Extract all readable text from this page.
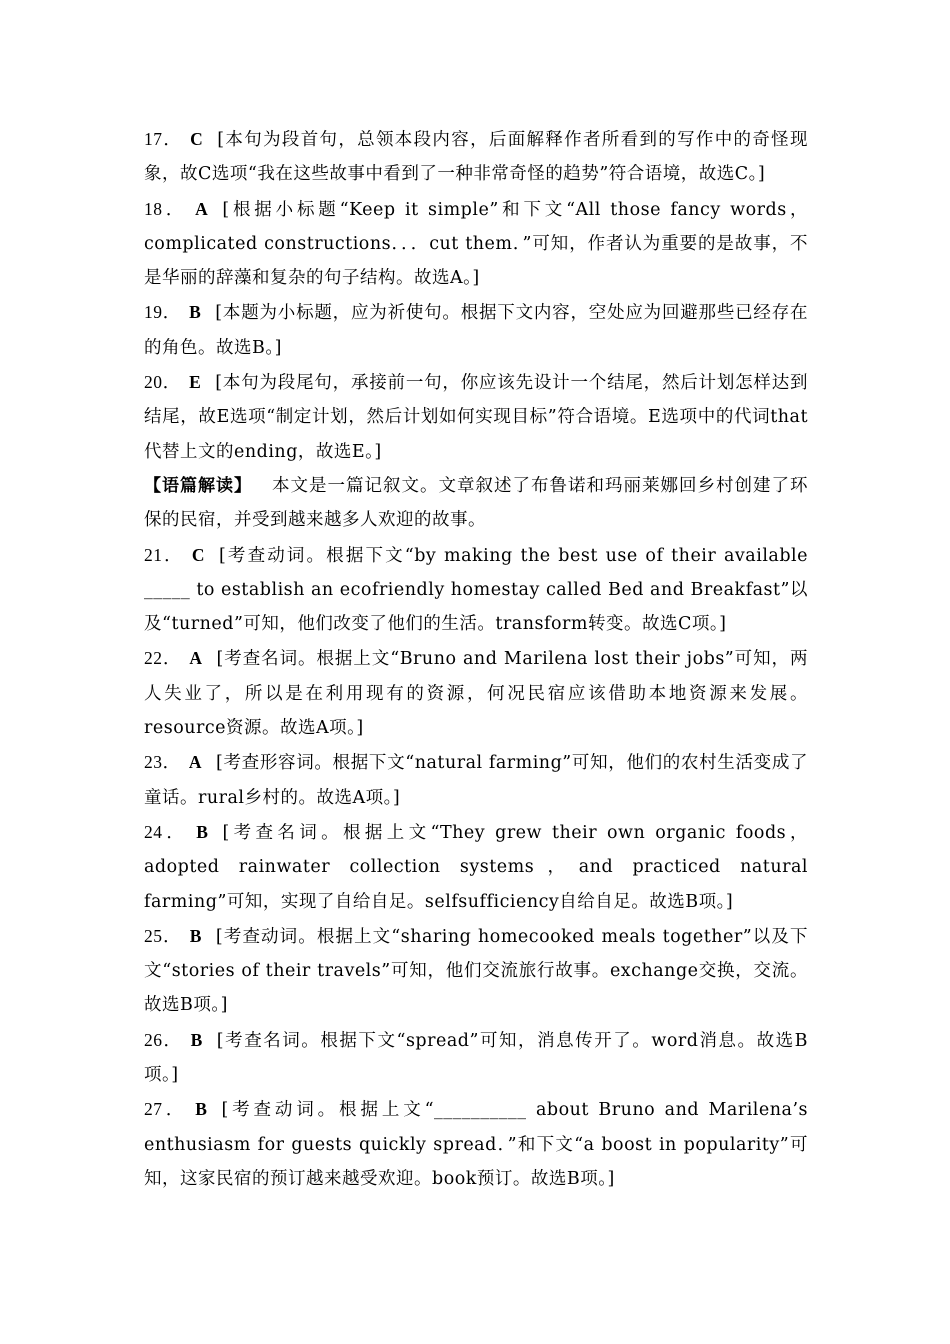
17． C [本句为段首句，总领本段内容，后面解释作者所看到的写作中的奇怪现象，故C选项“我在这些故事中看到了一种非常奇怪的趋势”符合语境，故选C。]

18． A [根据小标题“Keep it simple”和下文“All those fancy words，complicated constructions．．．cut them．”可知，作者认为重要的是故事，不是华丽的辞藻和复杂的句子结构。故选A。]

19． B [本题为小标题，应为祈使句。根据下文内容，空处应为回避那些已经存在的角色。故选B。]

20． E [本句为段尾句，承接前一句，你应该先设计一个结尾，然后计划怎样达到结尾，故E选项“制定计划，然后计划如何实现目标”符合语境。E选项中的代词that代替上文的ending，故选E。]

【语篇解读】 本文是一篇记叙文。文章叙述了布鲁诺和玛丽莱娜回乡村创建了环保的民宿，并受到越来越多人欢迎的故事。

21． C [考查动词。根据下文“by making the best use of their available _____ to establish an ecofriendly homestay called Bed and Breakfast”以及“turned”可知，他们改变了他们的生活。transform转变。故选C项。]

22． A [考查名词。根据上文“Bruno and Marilena lost their jobs”可知，两人失业了，所以是在利用现有的资源，何况民宿应该借助本地资源来发展。resource资源。故选A项。]

23． A [考查形容词。根据下文“natural farming”可知，他们的农村生活变成了童话。rural乡村的。故选A项。]

24． B [考查名词。根据上文“They grew their own organic foods，adopted rainwater collection systems，and practiced natural farming”可知，实现了自给自足。selfsufficiency自给自足。故选B项。]

25． B [考查动词。根据上文“sharing homecooked meals together”以及下文“stories of their travels”可知，他们交流旅行故事。exchange交换，交流。故选B项。]

26． B [考查名词。根据下文“spread”可知，消息传开了。word消息。故选B项。]

27． B [考查动词。根据上文“__________ about Bruno and Marilena’s enthusiasm for guests quickly spread．”和下文“a boost in popularity”可知，这家民宿的预订越来越受欢迎。book预订。故选B项。]
